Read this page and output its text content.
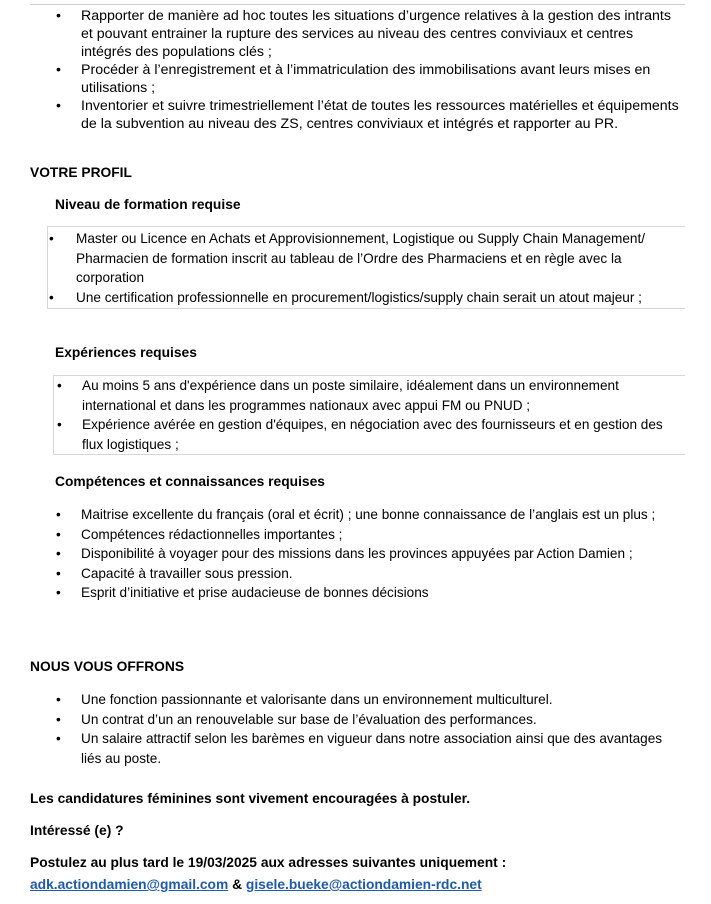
• Rapporter de manière ad hoc toutes les situations d’urgence relatives à la gestion des intrants et pouvant entrainer la rupture des services au niveau des centres conviviaux et centres intégrés des populations clés ;
• Procéder à l’enregistrement et à l’immatriculation des immobilisations avant leurs mises en utilisations ;
• Inventorier et suivre trimestriellement l’état de toutes les ressources matérielles et équipements de la subvention au niveau des ZS, centres conviviaux et intégrés et rapporter au PR.
VOTRE PROFIL
Niveau de formation requise
• Master ou Licence en Achats et Approvisionnement, Logistique ou Supply Chain Management/ Pharmacien de formation inscrit au tableau de l’Ordre des Pharmaciens et en règle avec la corporation
• Une certification professionnelle en procurement/logistics/supply chain serait un atout majeur ;
Expériences requises
• Au moins 5 ans d'expérience dans un poste similaire, idéalement dans un environnement international et dans les programmes nationaux avec appui FM ou PNUD ;
• Expérience avérée en gestion d'équipes, en négociation avec des fournisseurs et en gestion des flux logistiques ;
Compétences et connaissances requises
• Maitrise excellente du français (oral et écrit) ; une bonne connaissance de l’anglais est un plus ;
• Compétences rédactionnelles importantes ;
• Disponibilité à voyager pour des missions dans les provinces appuyées par Action Damien ;
• Capacité à travailler sous pression.
• Esprit d’initiative et prise audacieuse de bonnes décisions
NOUS VOUS OFFRONS
• Une fonction passionnante et valorisante dans un environnement multiculturel.
• Un contrat d’un an renouvelable sur base de l’évaluation des performances.
• Un salaire attractif selon les barèmes en vigueur dans notre association ainsi que des avantages liés au poste.
Les candidatures féminines sont vivement encouragées à postuler.
Intéressé (e) ?
Postulez au plus tard le 19/03/2025 aux adresses suivantes uniquement :
adk.actiondamien@gmail.com & gisele.bueke@actiondamien-rdc.net
